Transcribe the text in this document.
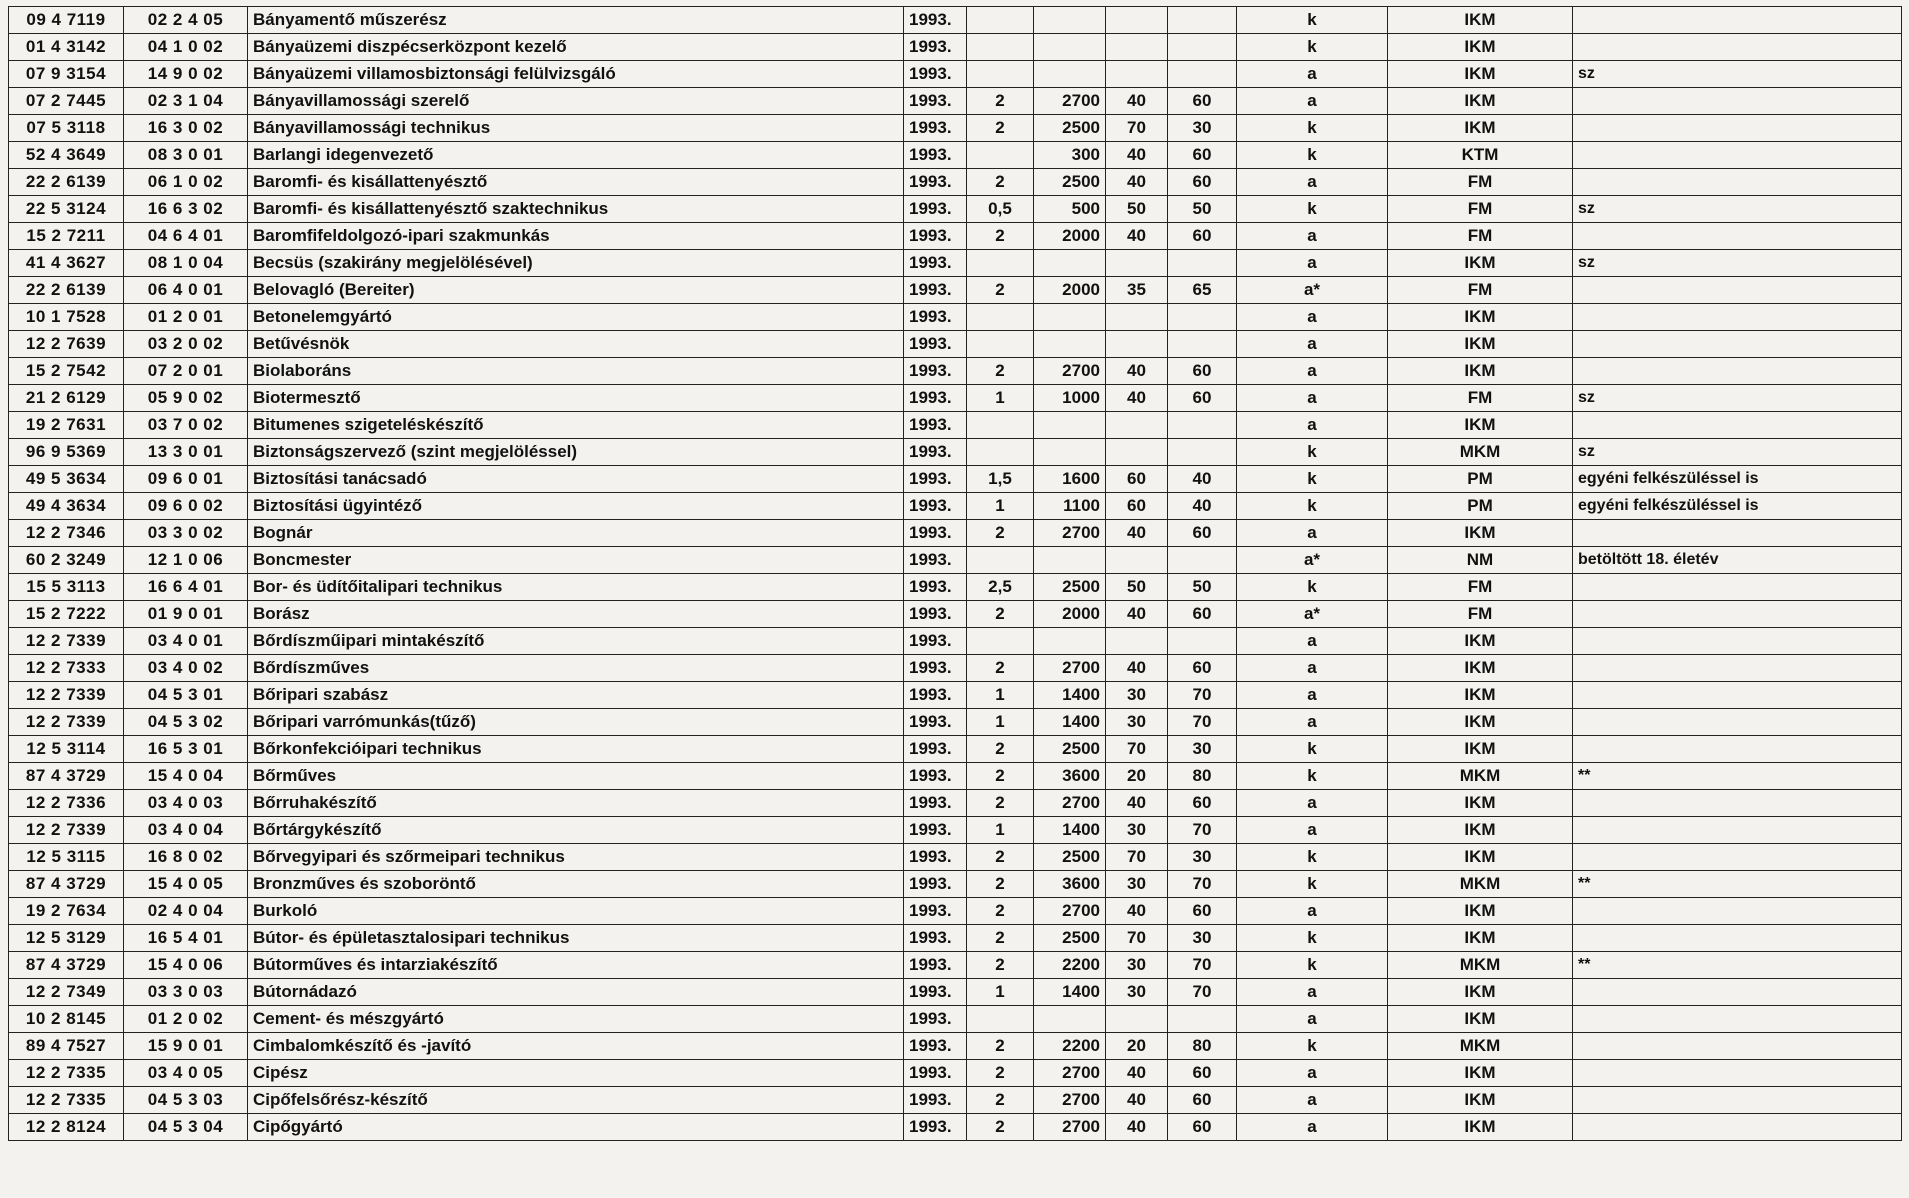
09 4 7119	02 2 4 05	Bányamentő műszerész	1993.					k	IKM	
01 4 3142	04 1 0 02	Bányaüzemi diszpécserközpont kezelő	1993.					k	IKM	
07 9 3154	14 9 0 02	Bányaüzemi villamosbiztonsági felülvizsgáló	1993.					a	IKM	sz
07 2 7445	02 3 1 04	Bányavillamossági szerelő	1993.	2	2700	40	60	a	IKM	
07 5 3118	16 3 0 02	Bányavillamossági technikus	1993.	2	2500	70	30	k	IKM	
52 4 3649	08 3 0 01	Barlangi idegenvezető	1993.		300	40	60	k	KTM	
22 2 6139	06 1 0 02	Baromfi- és kisállattenyésztő	1993.	2	2500	40	60	a	FM	
22 5 3124	16 6 3 02	Baromfi- és kisállattenyésztő szaktechnikus	1993.	0,5	500	50	50	k	FM	sz
15 2 7211	04 6 4 01	Baromfifeldolgozó-ipari szakmunkás	1993.	2	2000	40	60	a	FM	
41 4 3627	08 1 0 04	Becsüs (szakirány megjelölésével)	1993.					a	IKM	sz
22 2 6139	06 4 0 01	Belovagló (Bereiter)	1993.	2	2000	35	65	a*	FM	
10 1 7528	01 2 0 01	Betonelemgyártó	1993.					a	IKM	
12 2 7639	03 2 0 02	Betűvésnök	1993.					a	IKM	
15 2 7542	07 2 0 01	Biolaboráns	1993.	2	2700	40	60	a	IKM	
21 2 6129	05 9 0 02	Biotermesztő	1993.	1	1000	40	60	a	FM	sz
19 2 7631	03 7 0 02	Bitumenes szigeteléskészítő	1993.					a	IKM	
96 9 5369	13 3 0 01	Biztonságszervező (szint megjelöléssel)	1993.					k	MKM	sz
49 5 3634	09 6 0 01	Biztosítási tanácsadó	1993.	1,5	1600	60	40	k	PM	egyéni felkészüléssel is
49 4 3634	09 6 0 02	Biztosítási ügyintéző	1993.	1	1100	60	40	k	PM	egyéni felkészüléssel is
12 2 7346	03 3 0 02	Bognár	1993.	2	2700	40	60	a	IKM	
60 2 3249	12 1 0 06	Boncmester	1993.					a*	NM	betöltött 18. életév
15 5 3113	16 6 4 01	Bor- és üdítőitalipari technikus	1993.	2,5	2500	50	50	k	FM	
15 2 7222	01 9 0 01	Borász	1993.	2	2000	40	60	a*	FM	
12 2 7339	03 4 0 01	Bőrdíszműipari mintakészítő	1993.					a	IKM	
12 2 7333	03 4 0 02	Bőrdíszműves	1993.	2	2700	40	60	a	IKM	
12 2 7339	04 5 3 01	Bőripari szabász	1993.	1	1400	30	70	a	IKM	
12 2 7339	04 5 3 02	Bőripari varrómunkás(tűző)	1993.	1	1400	30	70	a	IKM	
12 5 3114	16 5 3 01	Bőrkonfekcióipari technikus	1993.	2	2500	70	30	k	IKM	
87 4 3729	15 4 0 04	Bőrműves	1993.	2	3600	20	80	k	MKM	**
12 2 7336	03 4 0 03	Bőrruhakészítő	1993.	2	2700	40	60	a	IKM	
12 2 7339	03 4 0 04	Bőrtárgykészítő	1993.	1	1400	30	70	a	IKM	
12 5 3115	16 8 0 02	Bőrvegyipari és szőrmeipari technikus	1993.	2	2500	70	30	k	IKM	
87 4 3729	15 4 0 05	Bronzműves és szoboröntő	1993.	2	3600	30	70	k	MKM	**
19 2 7634	02 4 0 04	Burkoló	1993.	2	2700	40	60	a	IKM	
12 5 3129	16 5 4 01	Bútor- és épületasztalosipari technikus	1993.	2	2500	70	30	k	IKM	
87 4 3729	15 4 0 06	Bútorműves és intarziakészítő	1993.	2	2200	30	70	k	MKM	**
12 2 7349	03 3 0 03	Bútornádazó	1993.	1	1400	30	70	a	IKM	
10 2 8145	01 2 0 02	Cement- és mészgyártó	1993.					a	IKM	
89 4 7527	15 9 0 01	Cimbalomkészítő és -javító	1993.	2	2200	20	80	k	MKM	
12 2 7335	03 4 0 05	Cipész	1993.	2	2700	40	60	a	IKM	
12 2 7335	04 5 3 03	Cipőfelsőrész-készítő	1993.	2	2700	40	60	a	IKM	
12 2 8124	04 5 3 04	Cipőgyártó	1993.	2	2700	40	60	a	IKM	
